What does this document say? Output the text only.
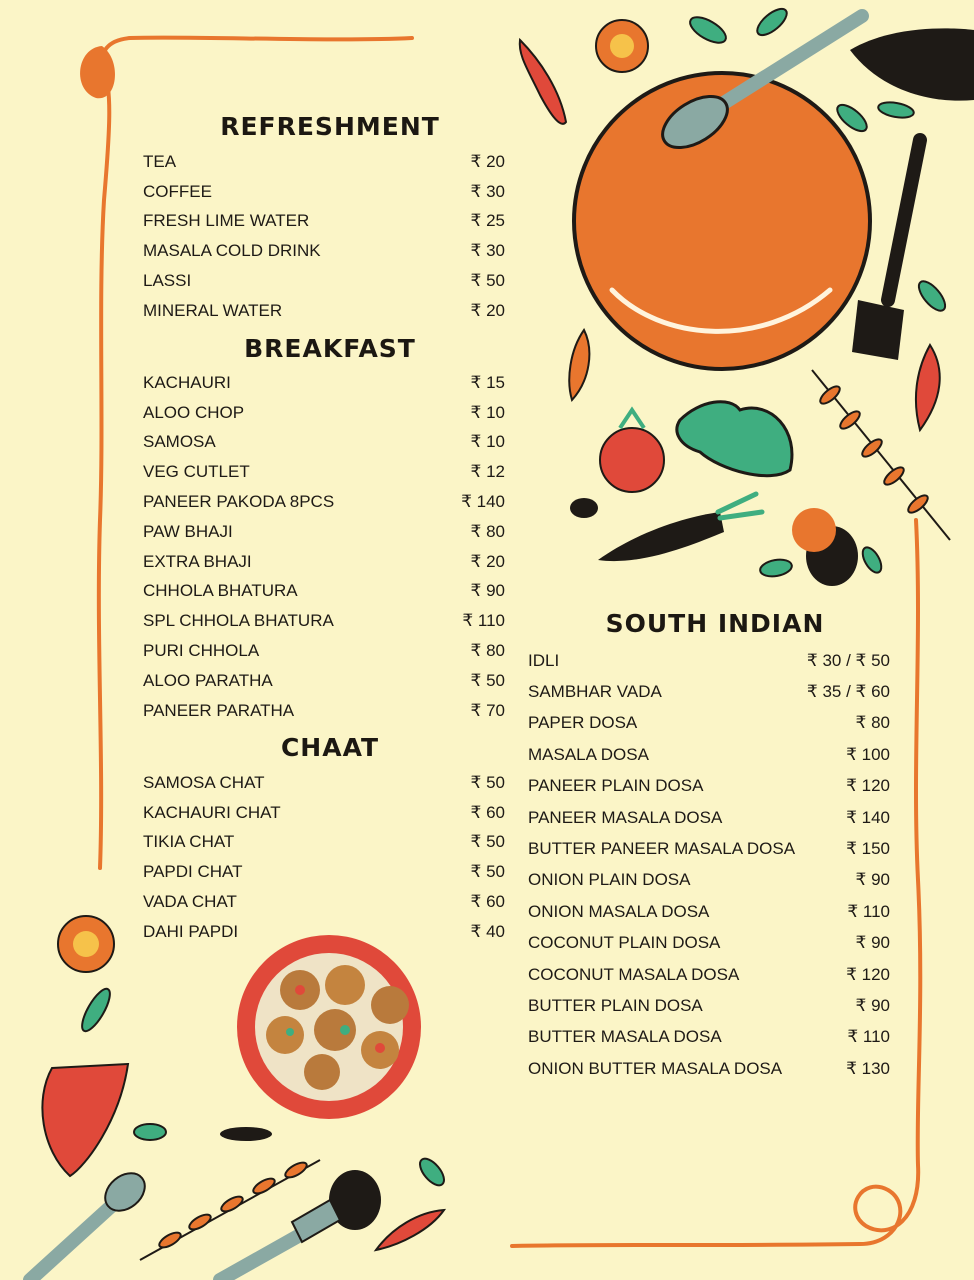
REFRESHMENT
TEA	₹ 20
COFFEE	₹ 30
FRESH LIME WATER	₹ 25
MASALA COLD DRINK	₹ 30
LASSI	₹ 50
MINERAL WATER	₹ 20
BREAKFAST
KACHAURI	₹ 15
ALOO CHOP	₹ 10
SAMOSA	₹ 10
VEG CUTLET	₹ 12
PANEER PAKODA 8PCS	₹ 140
PAW BHAJI	₹ 80
EXTRA BHAJI	₹ 20
CHHOLA BHATURA	₹ 90
SPL CHHOLA BHATURA	₹ 110
PURI CHHOLA	₹ 80
ALOO PARATHA	₹ 50
PANEER PARATHA	₹ 70
CHAAT
SAMOSA CHAT	₹ 50
KACHAURI CHAT	₹ 60
TIKIA CHAT	₹ 50
PAPDI CHAT	₹ 50
VADA CHAT	₹ 60
DAHI PAPDI	₹ 40
SOUTH INDIAN
IDLI	₹ 30 / ₹ 50
SAMBHAR VADA	₹ 35 / ₹ 60
PAPER DOSA	₹ 80
MASALA DOSA	₹ 100
PANEER PLAIN DOSA	₹ 120
PANEER MASALA DOSA	₹ 140
BUTTER PANEER MASALA DOSA	₹ 150
ONION PLAIN DOSA	₹ 90
ONION MASALA DOSA	₹ 110
COCONUT PLAIN DOSA	₹ 90
COCONUT MASALA DOSA	₹ 120
BUTTER PLAIN DOSA	₹ 90
BUTTER MASALA DOSA	₹ 110
ONION BUTTER MASALA DOSA	₹ 130
